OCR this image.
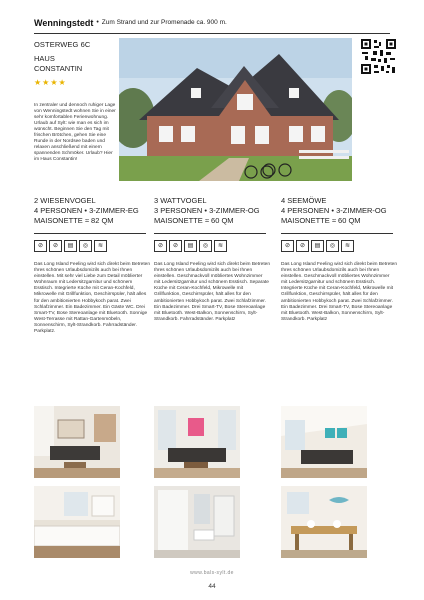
Wenningstedt • Zum Strand und zur Promenade ca. 900 m.
OSTERWEG 6C
HAUS
CONSTANTIN
★★★★
In zentraler und dennoch ruhiger Lage von Wenningstedt wohnen Sie in einer sehr komfortablen Ferienwohnung. Urlaub auf Sylt: wie man es sich im wünscht. Beginnen Sie den Tag mit frischen Brötchen, gehen Sie eine Runde in der Nordsee baden und relaxen anschließend mit einem spannenden Schmöker. Urlaub? Hier im Haus Constantin!
2 WIESENVOGEL
4 PERSONEN • 3-ZIMMER-EG
MAISONETTE ≈ 82 QM
⊘	⊘	▤	◎	≋
Das Long Island Feeling wird sich direkt beim Betreten Ihres schönen Urlaubsdomizils auch bei Ihnen einstellen. Mit sehr viel Liebe zum Detail möblierter Wohnraum mit Ledersitzgarnitur und schönem Esstisch. Integrierte Küche mit Ceran-Kochfeld, Mikrowelle mit Grillfunktion, Geschirrspüler, hält alles für den ambitionierten Hobbykoch parat. Zwei Schlafzimmer. Ein Badezimmer. Ein Gäste WC. Drei Smart-TV, Bose Stereoanlage mit Bluetooth. Sonnige West-Terrasse mit Rattan-Gartenmöbeln, Sonnenschirm, Sylt-Strandkorb. Fahrradständer. Parkplatz.
3 WATTVOGEL
3 PERSONEN • 3-ZIMMER-OG
MAISONETTE ≈ 60 QM
⊘	⊘	▤	◎	≋
Das Long Island Feeling wird sich direkt beim Betreten Ihres schönen Urlaubsdomizils auch bei Ihnen einstellen. Geschmackvoll möbliertes Wohnzimmer mit Ledersitzgarnitur und schönem Esstisch. Separate Küche mit Ceran-Kochfeld, Mikrowelle mit Grillfunktion, Geschirrspüler, hält alles für den ambitionierten Hobbykoch parat. Zwei Schlafzimmer. Ein Badezimmer. Drei Smart-TV, Bose Stereoanlage mit Bluetooth. West-Balkon, Sonnenschirm, Sylt-Strandkorb. Fahrradständer. Parkplatz
4 SEEMÖWE
4 PERSONEN • 3-ZIMMER-OG
MAISONETTE ≈ 60 QM
⊘	⊘	▤	◎	≋
Das Long Island Feeling wird sich direkt beim Betreten Ihres schönen Urlaubsdomizils auch bei Ihnen einstellen. Geschmackvoll möbliertes Wohnzimmer mit Ledersitzgarnitur und schönem Esstisch. Integrierte Küche mit Ceran-Kochfeld, Mikrowelle mit Grillfunktion, Geschirrspüler, hält alles für den ambitionierten Hobbykoch parat. Zwei Schlafzimmer. Ein Badezimmer. Drei Smart-TV, Bose Stereoanlage mit Bluetooth. West-Balkon, Sonnenschirm, Sylt-Strandkorb. Parkplatz
www.bals-sylt.de
44
